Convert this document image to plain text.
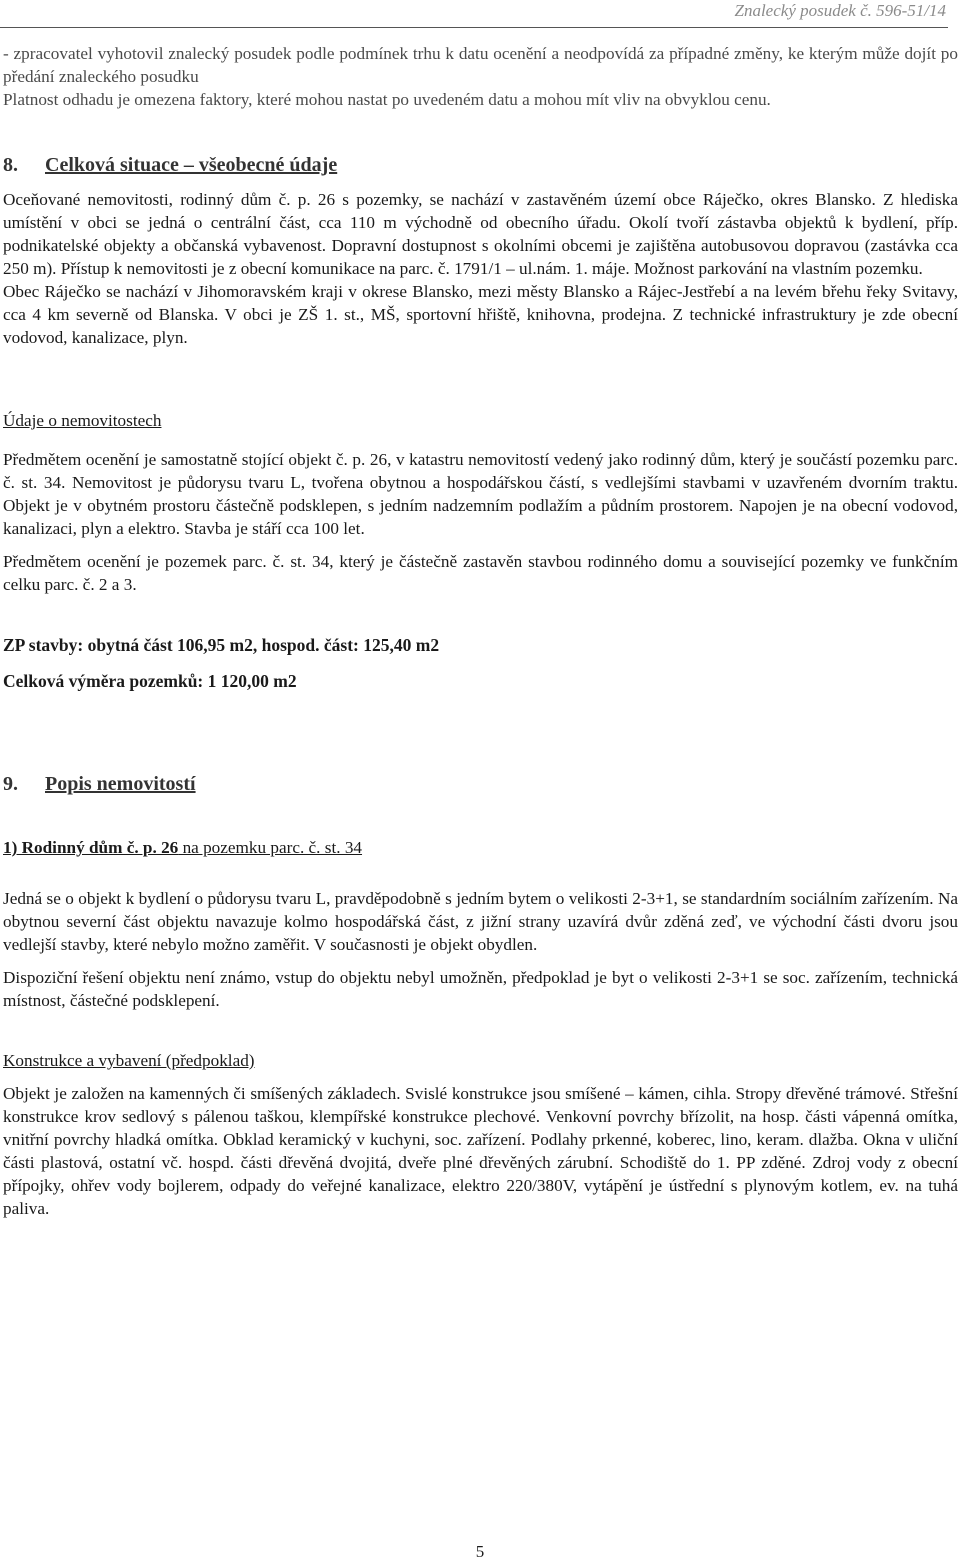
Znalecký posudek č. 596-51/14

- zpracovatel vyhotovil znalecký posudek podle podmínek trhu k datu ocenění a neodpovídá za případné změny, ke kterým může dojít po předání znaleckého posudku

Platnost odhadu je omezena faktory, které mohou nastat po uvedeném datu a mohou mít vliv na obvyklou cenu.

8. Celková situace – všeobecné údaje

Oceňované nemovitosti, rodinný dům č. p. 26 s pozemky, se nachází v zastavěném území obce Ráječko, okres Blansko. Z hlediska umístění v obci se jedná o centrální část, cca 110 m východně od obecního úřadu. Okolí tvoří zástavba objektů k bydlení, příp. podnikatelské objekty a občanská vybavenost. Dopravní dostupnost s okolními obcemi je zajištěna autobusovou dopravou (zastávka cca 250 m). Přístup k nemovitosti je z obecní komunikace na parc. č. 1791/1 – ul.nám. 1. máje. Možnost parkování na vlastním pozemku.

Obec Ráječko se nachází v Jihomoravském kraji v okrese Blansko, mezi městy Blansko a Rájec-Jestřebí a na levém břehu řeky Svitavy, cca 4 km severně od Blanska. V obci je ZŠ 1. st., MŠ, sportovní hřiště, knihovna, prodejna. Z technické infrastruktury je zde obecní vodovod, kanalizace, plyn.

Údaje o nemovitostech

Předmětem ocenění je samostatně stojící objekt č. p. 26, v katastru nemovitostí vedený jako rodinný dům, který je součástí pozemku parc. č. st. 34. Nemovitost je půdorysu tvaru L, tvořena obytnou a hospodářskou částí, s vedlejšími stavbami v uzavřeném dvorním traktu. Objekt je v obytném prostoru částečně podsklepen, s jedním nadzemním podlažím a půdním prostorem. Napojen je na obecní vodovod, kanalizaci, plyn a elektro. Stavba je stáří cca 100 let.

Předmětem ocenění je pozemek parc. č. st. 34, který je částečně zastavěn stavbou rodinného domu a související pozemky ve funkčním celku parc. č. 2 a 3.

ZP stavby: obytná část 106,95 m2, hospod. část: 125,40 m2

Celková výměra pozemků: 1 120,00 m2

9. Popis nemovitostí

1) Rodinný dům č. p. 26 na pozemku parc. č. st. 34

Jedná se o objekt k bydlení o půdorysu tvaru L, pravděpodobně s jedním bytem o velikosti 2-3+1, se standardním sociálním zařízením. Na obytnou severní část objektu navazuje kolmo hospodářská část, z jižní strany uzavírá dvůr zděná zeď, ve východní části dvoru jsou vedlejší stavby, které nebylo možno zaměřit. V současnosti je objekt obydlen.

Dispoziční řešení objektu není známo, vstup do objektu nebyl umožněn, předpoklad je byt o velikosti 2-3+1 se soc. zařízením, technická místnost, částečné podsklepení.

Konstrukce a vybavení (předpoklad)

Objekt je založen na kamenných či smíšených základech. Svislé konstrukce jsou smíšené – kámen, cihla. Stropy dřevěné trámové. Střešní konstrukce krov sedlový s pálenou taškou, klempířské konstrukce plechové. Venkovní povrchy břízolit, na hosp. části vápenná omítka, vnitřní povrchy hladká omítka. Obklad keramický v kuchyni, soc. zařízení. Podlahy prkenné, koberec, lino, keram. dlažba. Okna v uliční části plastová, ostatní vč. hospd. části dřevěná dvojitá, dveře plné dřevěných zárubní. Schodiště do 1. PP zděné. Zdroj vody z obecní přípojky, ohřev vody bojlerem, odpady do veřejné kanalizace, elektro 220/380V, vytápění je ústřední s plynovým kotlem, ev. na tuhá paliva.

5
